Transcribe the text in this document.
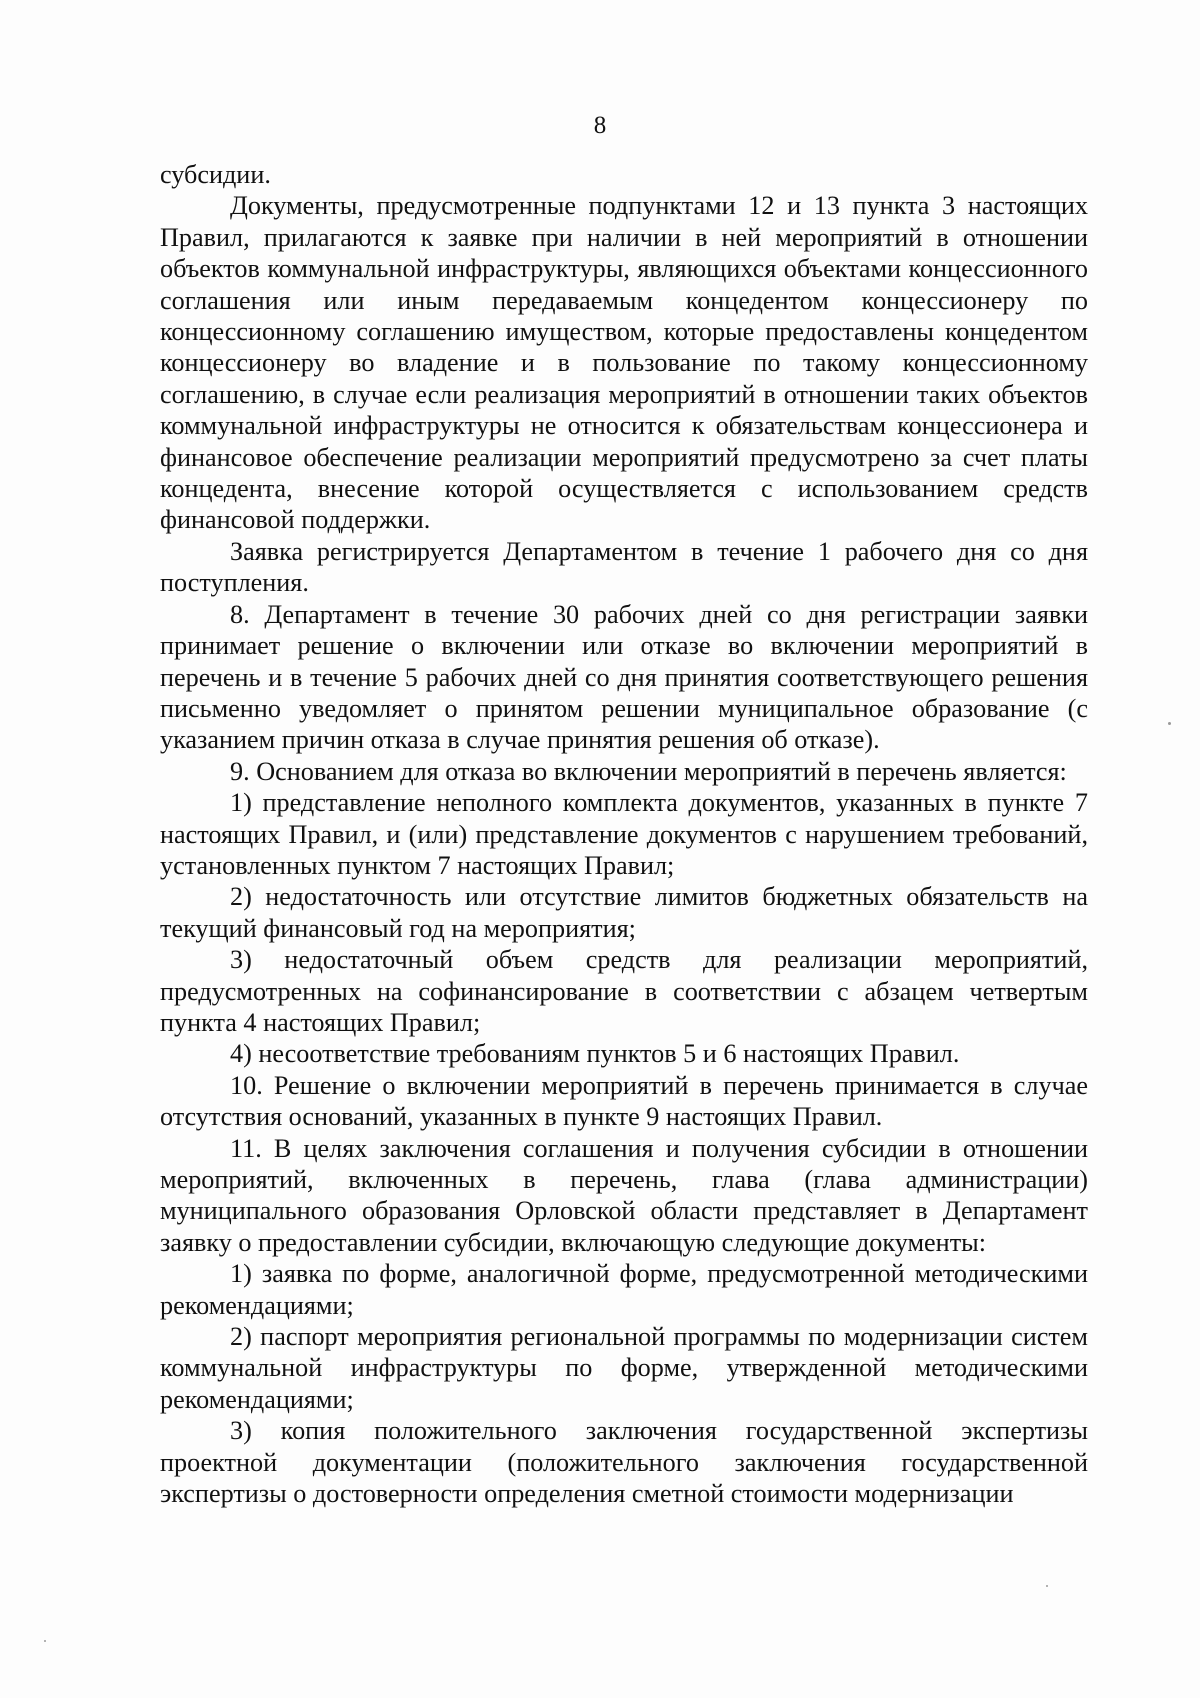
8

субсидии.

Документы, предусмотренные подпунктами 12 и 13 пункта 3 настоящих Правил, прилагаются к заявке при наличии в ней мероприятий в отношении объектов коммунальной инфраструктуры, являющихся объектами концессионного соглашения или иным передаваемым концедентом концессионеру по концессионному соглашению имуществом, которые предоставлены концедентом концессионеру во владение и в пользование по такому концессионному соглашению, в случае если реализация мероприятий в отношении таких объектов коммунальной инфраструктуры не относится к обязательствам концессионера и финансовое обеспечение реализации мероприятий предусмотрено за счет платы концедента, внесение которой осуществляется с использованием средств финансовой поддержки.

Заявка регистрируется Департаментом в течение 1 рабочего дня со дня поступления.

8. Департамент в течение 30 рабочих дней со дня регистрации заявки принимает решение о включении или отказе во включении мероприятий в перечень и в течение 5 рабочих дней со дня принятия соответствующего решения письменно уведомляет о принятом решении муниципальное образование (с указанием причин отказа в случае принятия решения об отказе).

9. Основанием для отказа во включении мероприятий в перечень является:

1) представление неполного комплекта документов, указанных в пункте 7 настоящих Правил, и (или) представление документов с нарушением требований, установленных пунктом 7 настоящих Правил;

2) недостаточность или отсутствие лимитов бюджетных обязательств на текущий финансовый год на мероприятия;

3) недостаточный объем средств для реализации мероприятий, предусмотренных на софинансирование в соответствии с абзацем четвертым пункта 4 настоящих Правил;

4) несоответствие требованиям пунктов 5 и 6 настоящих Правил.

10. Решение о включении мероприятий в перечень принимается в случае отсутствия оснований, указанных в пункте 9 настоящих Правил.

11. В целях заключения соглашения и получения субсидии в отношении мероприятий, включенных в перечень, глава (глава администрации) муниципального образования Орловской области представляет в Департамент заявку о предоставлении субсидии, включающую следующие документы:

1) заявка по форме, аналогичной форме, предусмотренной методическими рекомендациями;

2) паспорт мероприятия региональной программы по модернизации систем коммунальной инфраструктуры по форме, утвержденной методическими рекомендациями;

3) копия положительного заключения государственной экспертизы проектной документации (положительного заключения государственной экспертизы о достоверности определения сметной стоимости модернизации
